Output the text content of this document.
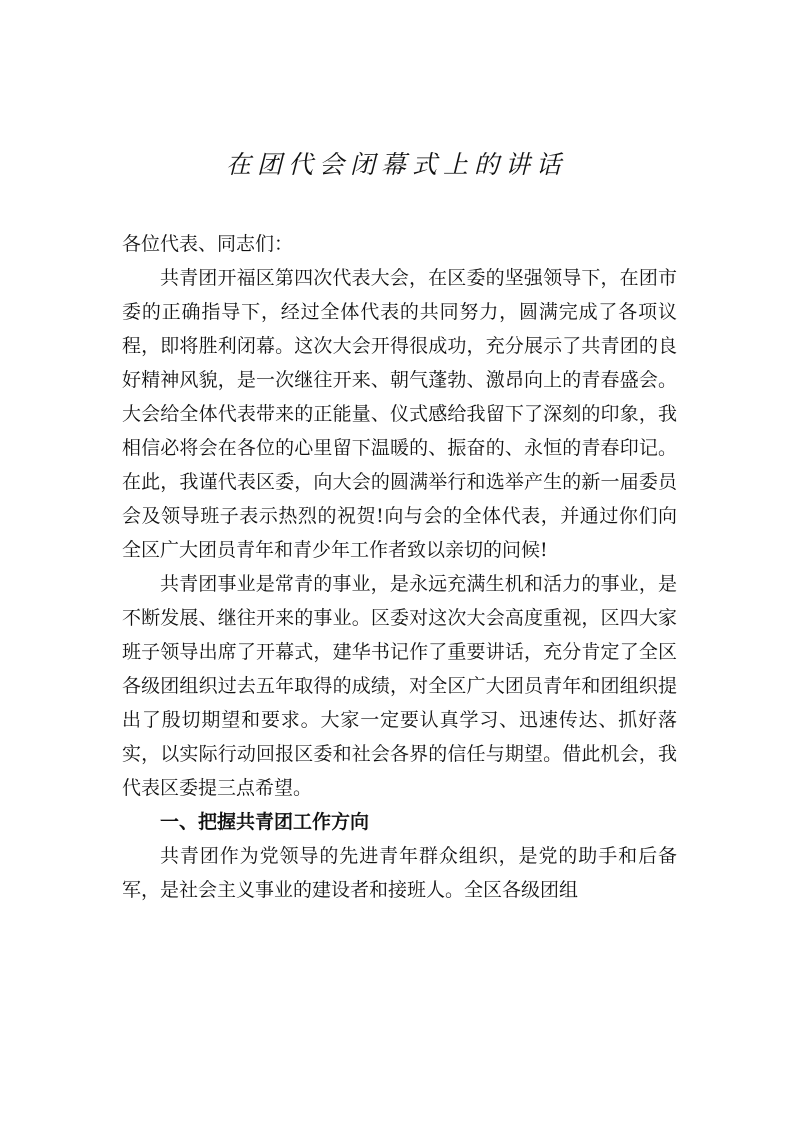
在团代会闭幕式上的讲话

各位代表、同志们：

共青团开福区第四次代表大会，在区委的坚强领导下，在团市委的正确指导下，经过全体代表的共同努力，圆满完成了各项议程，即将胜利闭幕。这次大会开得很成功，充分展示了共青团的良好精神风貌，是一次继往开来、朝气蓬勃、激昂向上的青春盛会。大会给全体代表带来的正能量、仪式感给我留下了深刻的印象，我相信必将会在各位的心里留下温暖的、振奋的、永恒的青春印记。在此，我谨代表区委，向大会的圆满举行和选举产生的新一届委员会及领导班子表示热烈的祝贺!向与会的全体代表，并通过你们向全区广大团员青年和青少年工作者致以亲切的问候!

共青团事业是常青的事业，是永远充满生机和活力的事业，是不断发展、继往开来的事业。区委对这次大会高度重视，区四大家班子领导出席了开幕式，建华书记作了重要讲话，充分肯定了全区各级团组织过去五年取得的成绩，对全区广大团员青年和团组织提出了殷切期望和要求。大家一定要认真学习、迅速传达、抓好落实，以实际行动回报区委和社会各界的信任与期望。借此机会，我代表区委提三点希望。

一、把握共青团工作方向

共青团作为党领导的先进青年群众组织，是党的助手和后备军，是社会主义事业的建设者和接班人。全区各级团组
